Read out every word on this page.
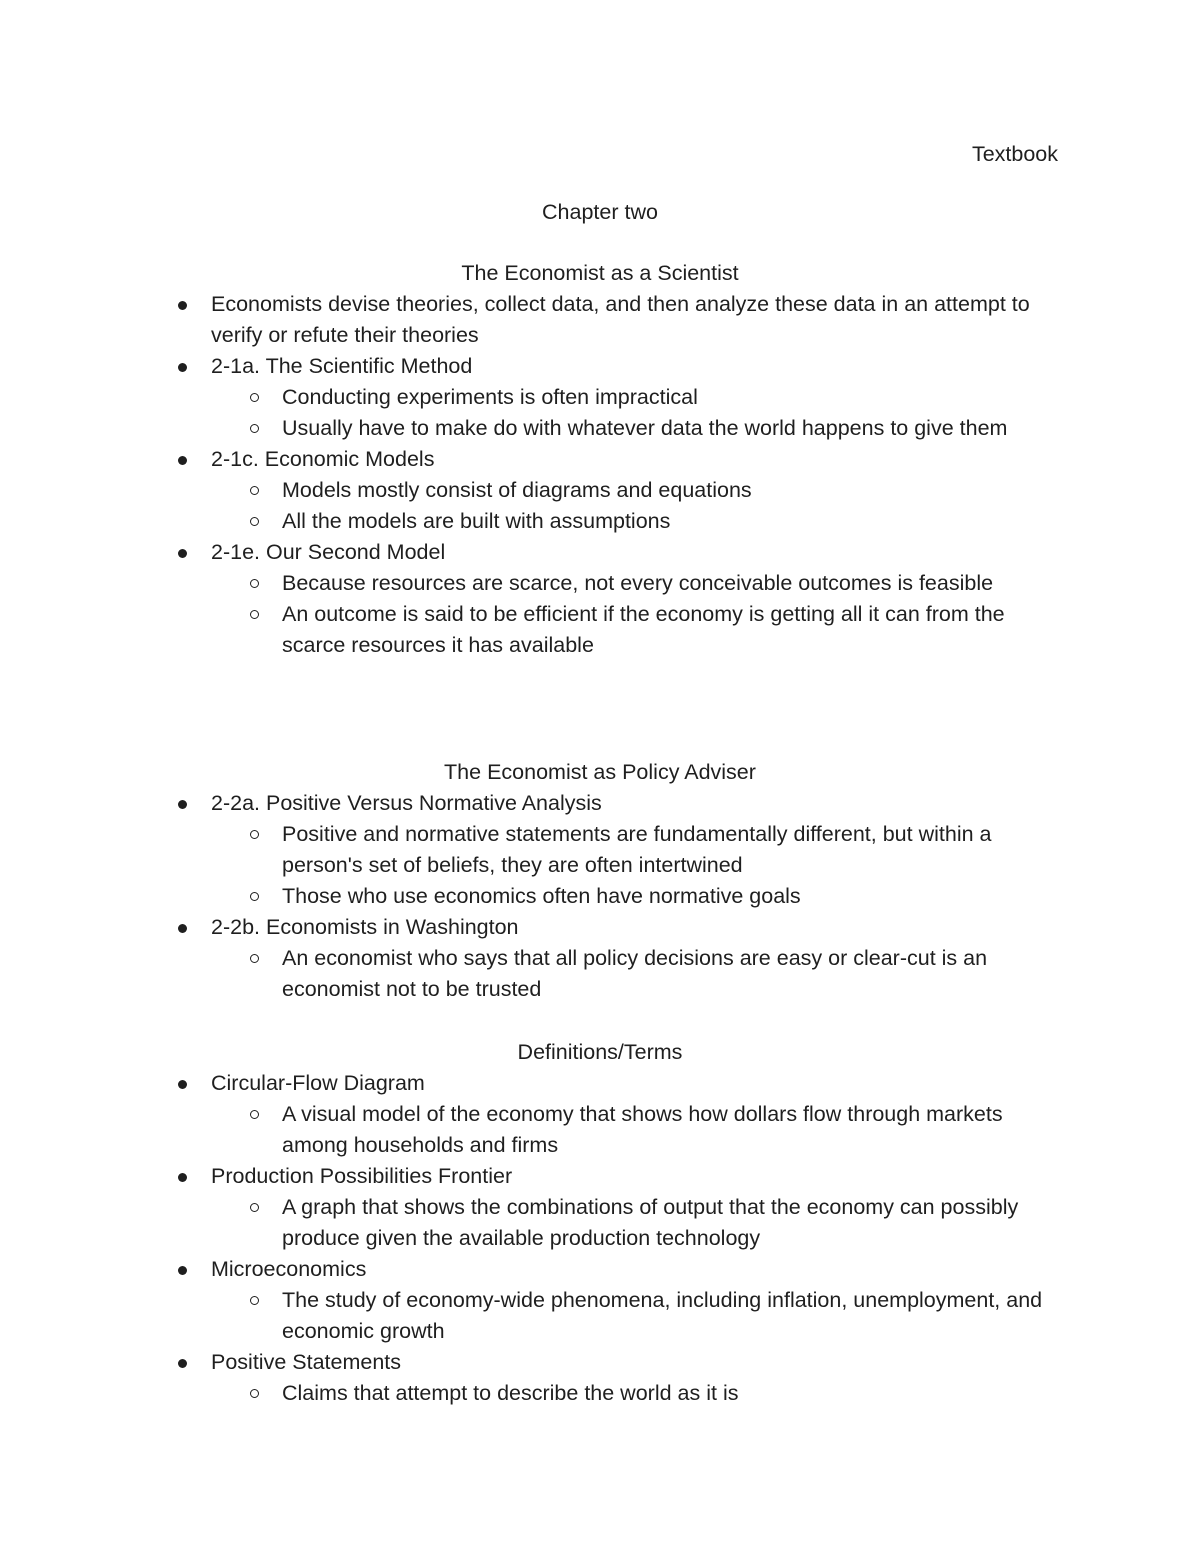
Textbook
Chapter two
The Economist as a Scientist
Economists devise theories, collect data, and then analyze these data in an attempt to verify or refute their theories
2-1a. The Scientific Method
Conducting experiments is often impractical
Usually have to make do with whatever data the world happens to give them
2-1c. Economic Models
Models mostly consist of diagrams and equations
All the models are built with assumptions
2-1e. Our Second Model
Because resources are scarce, not every conceivable outcomes is feasible
An outcome is said to be efficient if the economy is getting all it can from the scarce resources it has available
The Economist as Policy Adviser
2-2a. Positive Versus Normative Analysis
Positive and normative statements are fundamentally different, but within a person's set of beliefs, they are often intertwined
Those who use economics often have normative goals
2-2b. Economists in Washington
An economist who says that all policy decisions are easy or clear-cut is an economist not to be trusted
Definitions/Terms
Circular-Flow Diagram
A visual model of the economy that shows how dollars flow through markets among households and firms
Production Possibilities Frontier
A graph that shows the combinations of output that the economy can possibly produce given the available production technology
Microeconomics
The study of economy-wide phenomena, including inflation, unemployment, and economic growth
Positive Statements
Claims that attempt to describe the world as it is
